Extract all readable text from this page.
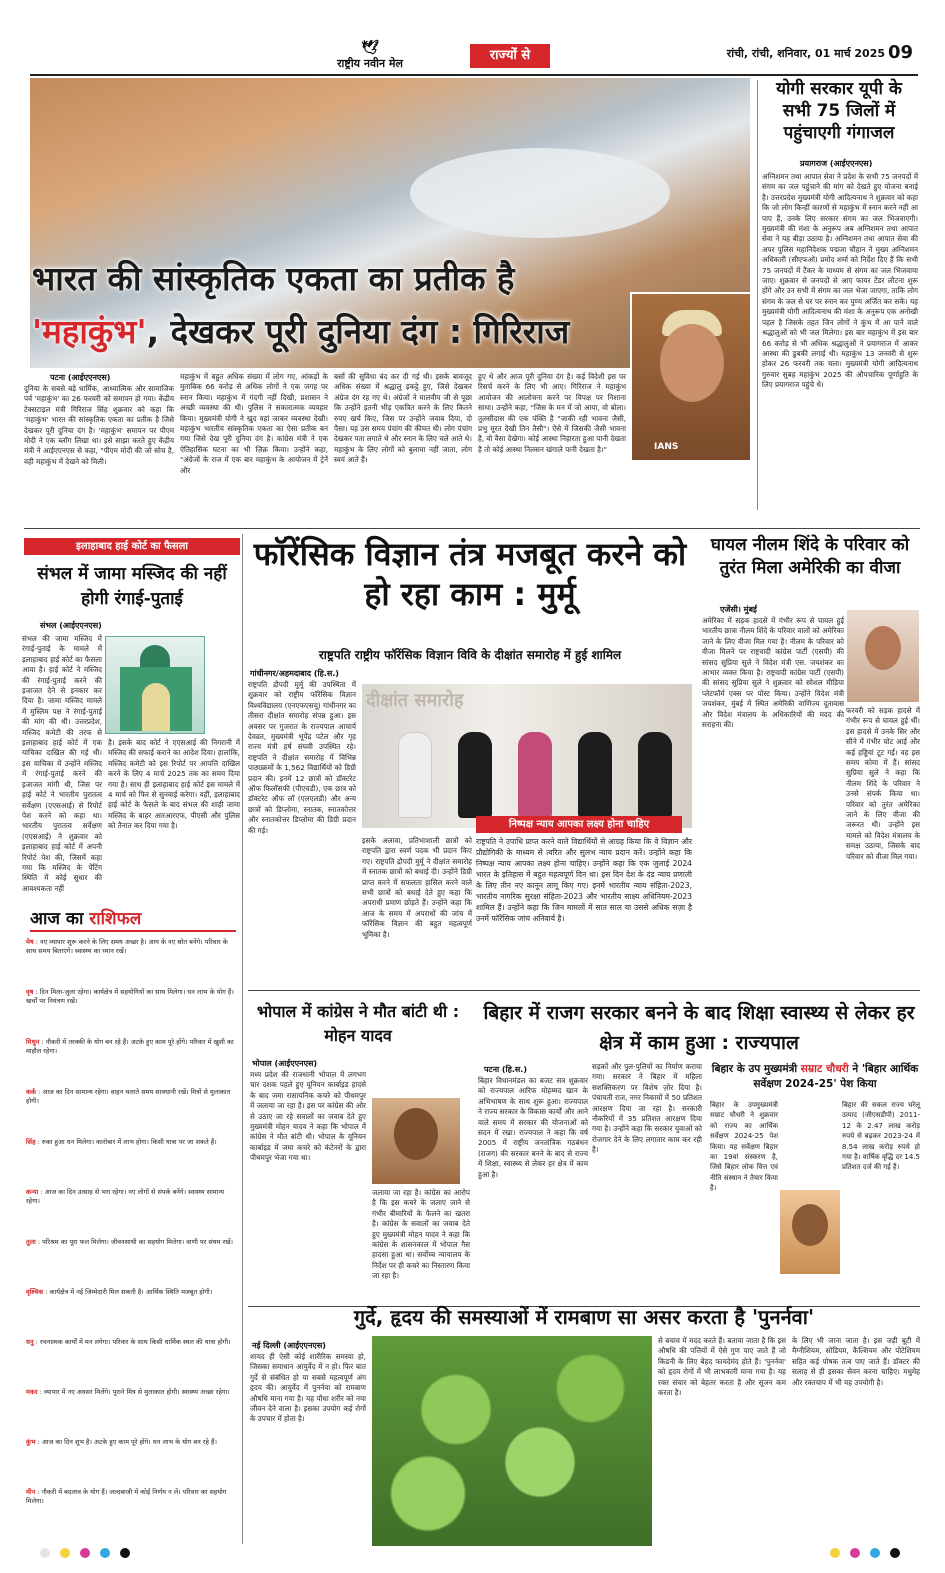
🕊
राष्ट्रीय नवीन मेल
राज्यों से	रांची, रांची, शनिवार, 01 मार्च 2025 09
भारत की सांस्कृतिक एकता का प्रतीक है
'महाकुंभ', देखकर पूरी दुनिया दंग : गिरिराज
IANS
योगी सरकार यूपी के सभी 75 जिलों में पहुंचाएगी गंगाजल
प्रयागराज (आईएएनएस)
अग्निशमन तथा आपात सेवा ने प्रदेश के सभी 75 जनपदों में संगम का जल पहुंचाने की मांग को देखते हुए योजना बनाई है। उत्तरप्रदेश मुख्यमंत्री योगी आदित्यनाथ ने शुक्रवार को कहा कि जो लोग किन्हीं कारणों से महाकुंभ में स्नान करने नहीं आ पाए हैं, उनके लिए सरकार संगम का जल भिजवाएगी। मुख्यमंत्री की मंशा के अनुरूप अब अग्निशमन तथा आपात सेवा ने यह बीड़ा उठाया है। अग्निशमन तथा आपात सेवा की अपर पुलिस महानिदेशक पद्मजा चौहान ने मुख्य अग्निशमन अधिकारी (सीएफओ) प्रमोद शर्मा को निर्देश दिए हैं कि सभी 75 जनपदों में टैंकर के माध्यम से संगम का जल भिजवाया जाए। शुक्रवार से जनपदों से आए फायर टेंडर लौटना शुरू होंगे और उन सभी में संगम का जल भेजा जाएगा, ताकि लोग संगम के जल से घर पर स्नान कर पुण्य अर्जित कर सकें। यह मुख्यमंत्री योगी आदित्यनाथ की मंशा के अनुरूप एक अनोखी पहल है जिसके तहत जिन लोगों ने कुंभ में आ पाने वाले श्रद्धालुओं को भी जल मिलेगा। इस बार महाकुंभ में इस बार 66 करोड़ से भी अधिक श्रद्धालुओं ने प्रयागराज में आकर आस्था की डुबकी लगाई थी। महाकुंभ 13 जनवरी से शुरू होकर 26 फरवरी तक चला। मुख्यमंत्री योगी आदित्यनाथ गुरुवार सुबह महाकुंभ 2025 की औपचारिक पूर्णाहुति के लिए प्रयागराज पहुंचे थे।
पटना (आईएएनएस)
दुनिया के सबसे बड़े धार्मिक, आध्यात्मिक और सामाजिक पर्व 'महाकुंभ' का 26 फरवरी को समापन हो गया। केंद्रीय टेक्सटाइल मंत्री गिरिराज सिंह शुक्रवार को कहा कि 'महाकुंभ' भारत की सांस्कृतिक एकता का प्रतीक है जिसे देखकर पूरी दुनिया दंग है। 'महाकुंभ' समापन पर पीएम मोदी ने एक ब्लॉग लिखा था। इसे साझा करते हुए केंद्रीय मंत्री ने आईएएनएस से कहा, "पीएम मोदी की जो सोच है, वही महाकुंभ में देखने को मिली।
महाकुंभ में बहुत अधिक संख्या में लोग गए, आंकड़ों के मुताबिक 66 करोड़ से अधिक लोगों ने एक जगह पर स्नान किया। महाकुंभ में गंदगी नहीं दिखी, प्रशासन ने अच्छी व्यवस्था की थी। पुलिस ने सकारात्मक व्यवहार किया। मुख्यमंत्री योगी ने खुद वहां जाकर व्यवस्था देखी। महाकुंभ भारतीय सांस्कृतिक एकता का ऐसा प्रतीक बन गया जिसे देख पूरी दुनिया दंग है। कांग्रेस मंत्री ने एक ऐतिहासिक घटना का भी ज़िक्र किया। उन्होंने कहा, "अंग्रेजों के राज में एक बार महाकुंभ के आयोजन में ट्रेनें और
बसों की सुविधा बंद कर दी गई थी। इसके बावजूद अधिक संख्या में श्रद्धालु इकट्ठे हुए, जिसे देखकर अंग्रेज दंग रह गए थे। अंग्रेजों ने मालवीय जी से पूछा कि उन्होंने इतनी भीड़ एकत्रित करने के लिए कितने रुपए खर्च किए, जिस पर उन्होंने जवाब दिया, दो पैसा। यह उस समय पंचांग की कीमत थी। लोग पंचांग देखकर पता लगाते थे और स्नान के लिए चले आते थे। महाकुंभ के लिए लोगों को बुलाया नहीं जाता, लोग स्वयं आते हैं।
हुए थे और आज पूरी दुनिया दंग है। कई विदेशी इस पर रिसर्च करने के लिए भी आए। गिरिराज ने महाकुंभ आयोजन की आलोचना करने पर विपक्ष पर निशाना साधा। उन्होंने कहा, "जिस के मन में जो आया, वो बोला। तुलसीदास की एक पंक्ति है "जाकी रही भावना जैसी, प्रभु मूरत देखी तिन तैसी"। ऐसे में जिसकी जैसी भावना है, वो वैसा देखेगा। कोई आस्था निहारता हुआ पानी देखता है तो कोई आस्था निलसन खंगाले पानी देखता है।"
इलाहाबाद हाई कोर्ट का फैसला
संभल में जामा मस्जिद की नहीं होगी रंगाई-पुताई
संभल (आईएएनएस)
संभल की जामा मस्जिद में रंगाई-पुताई के मामले में इलाहाबाद हाई कोर्ट का फैसला आया है। हाई कोर्ट ने मस्जिद की रंगाई-पुताई करने की इजाजत देने से इनकार कर दिया है। जामा मस्जिद मामले में मुस्लिम पक्ष ने रंगाई-पुताई की मांग की थी। उत्तरप्रदेश, मस्जिद कमेटी की तरफ से इलाहाबाद हाई कोर्ट में एक याचिका दाखिल की गई थी। इस याचिका में उन्होंने मस्जिद में रंगाई-पुताई करने की इजाजत मांगी थी, जिस पर हाई कोर्ट ने भारतीय पुरातत्व सर्वेक्षण (एएसआई) से रिपोर्ट पेश करने को कहा था। भारतीय पुरातत्व सर्वेक्षण (एएसआई) ने शुक्रवार को इलाहाबाद हाई कोर्ट में अपनी रिपोर्ट पेश की, जिसमें कहा गया कि मस्जिद के पेंटिंग स्थिति में कोई सुधार की आवश्यकता नहीं
है। इसके बाद कोर्ट ने एएसआई की निगरानी में मस्जिद की सफाई कराने का आदेश दिया। हालांकि, मस्जिद कमेटी को इस रिपोर्ट पर आपत्ति दाखिल करने के लिए 4 मार्च 2025 तक का समय दिया गया है। साथ ही इलाहाबाद हाई कोर्ट इस मामले में 4 मार्च को फिर से सुनवाई करेगा। वहीं, इलाहाबाद हाई कोर्ट के फैसले के बाद संभल की शाही जामा मस्जिद के बाहर आरआरएफ, पीएसी और पुलिस को तैनात कर दिया गया है।
फॉरेंसिक विज्ञान तंत्र मजबूत करने को हो रहा काम : मुर्मू
राष्ट्रपति राष्ट्रीय फॉरेंसिक विज्ञान विवि के दीक्षांत समारोह में हुई शामिल
गांधीनगर/अहमदाबाद (हि.स.)
राष्ट्रपति द्रौपदी मुर्मू की उपस्थिता में शुक्रवार को राष्ट्रीय फॉरेंसिक विज्ञान विश्वविद्यालय (एनएफएसयू) गांधीनगर का तीसरा दीक्षांत समारोह संपन्न हुआ। इस अवसर पर गुजरात के राज्यपाल आचार्य देवव्रत, मुख्यमंत्री भूपेंद्र पटेल और गृह राज्य मंत्री हर्ष संघवी उपस्थित रहे। राष्ट्रपति ने दीक्षांत समारोह में विभिन्न पाठ्यक्रमों के 1,562 विद्यार्थियों को डिग्री प्रदान की। इनमें 12 छात्रों को डॉक्टरेट ऑफ फिलॉसफी (पीएचडी), एक छात्र को डॉक्टरेट ऑफ लॉ (एलएलडी) और अन्य छात्रों को डिप्लोमा, स्नातक, स्नातकोत्तर और स्नातकोत्तर डिप्लोमा की डिग्री प्रदान की गई।
दीक्षांत समारोह
निष्पक्ष न्याय आपका लक्ष्य होना चाहिए
इसके अलावा, प्रतिभाशाली छात्रों को राष्ट्रपति द्वारा स्वर्ण पदक भी प्रदान किए गए। राष्ट्रपति द्रौपदी मुर्मू ने दीक्षांत समारोह में स्नातक छात्रों को बधाई दी। उन्होंने डिग्री प्राप्त करने में सफलता हासिल करने वाले सभी छात्रों को बधाई देते हुए कहा कि अपराधी प्रमाण छोड़ते हैं। उन्होंने कहा कि आज के समय में अपराधों की जांच में फॉरेंसिक विज्ञान की बहुत महत्वपूर्ण भूमिका है।
राष्ट्रपति ने उपाधि प्राप्त करने वाले विद्यार्थियों से आग्रह किया कि वे विज्ञान और प्रौद्योगिकी के माध्यम से त्वरित और सुलभ न्याय प्रदान करें। उन्होंने कहा कि निष्पक्ष न्याय आपका लक्ष्य होना चाहिए। उन्होंने कहा कि एक जुलाई 2024 भारत के इतिहास में बहुत महत्वपूर्ण दिन था। इस दिन देश के दंड न्याय प्रणाली के लिए तीन नए कानून लागू किए गए। इनमें भारतीय न्याय संहिता-2023, भारतीय नागरिक सुरक्षा संहिता-2023 और भारतीय साक्ष्य अधिनियम-2023 शामिल हैं। उन्होंने कहा कि जिन मामलों में सात साल या उससे अधिक सज़ा है उनमें फॉरेंसिक जांच अनिवार्य है।
घायल नीलम शिंदे के परिवार को तुरंत मिला अमेरिकी का वीजा
एजेंसी। मुंबई
अमेरिका में सड़क हादसे में गंभीर रूप से घायल हुई भारतीय छात्रा नीलम शिंदे के परिवार वालों को अमेरिका जाने के लिए वीजा मिल गया है। नीलम के परिवार को वीजा मिलने पर राष्ट्रवादी कांग्रेस पार्टी (एसपी) की सांसद सुप्रिया सुले ने विदेश मंत्री एस. जयशंकर का आभार व्यक्त किया है। राष्ट्रवादी कांग्रेस पार्टी (एसपी) की सांसद सुप्रिया सुले ने शुक्रवार को सोशल मीडिया प्लेटफॉर्म एक्स पर पोस्ट किया। उन्होंने विदेश मंत्री जयशंकर, मुंबई में स्थित अमेरिकी वाणिज्य दूतावास और विदेश मंत्रालय के अधिकारियों की मदद की सराहना की।
फरवरी को सड़क हादसे में गंभीर रूप से घायल हुई थीं। इस हादसे में उनके सिर और सीने में गंभीर चोट आई और कई हड्डियां टूट गईं। वह इस समय कोमा में हैं। सांसद सुप्रिया सुले ने कहा कि नीलम शिंदे के परिवार ने उनसे संपर्क किया था। परिवार को तुरंत अमेरिका जाने के लिए वीजा की जरूरत थी। उन्होंने इस मामले को विदेश मंत्रालय के समक्ष उठाया, जिसके बाद परिवार को वीजा मिल गया।
आज का राशिफल
मेष : नए व्यापार शुरू करने के लिए समय अच्छा है। आय के नए स्रोत बनेंगे। परिवार के साथ समय बिताएंगे। स्वास्थ्य का ध्यान रखें।
वृष : दिन मिला-जुला रहेगा। कार्यक्षेत्र में सहयोगियों का साथ मिलेगा। धन लाभ के योग हैं। खर्चों पर नियंत्रण रखें।
मिथुन : नौकरी में तरक्की के योग बन रहे हैं। अटके हुए काम पूरे होंगे। परिवार में खुशी का माहौल रहेगा।
कर्क : आज का दिन सामान्य रहेगा। वाहन चलाते समय सावधानी रखें। मित्रों से मुलाकात होगी।
सिंह : रुका हुआ धन मिलेगा। कारोबार में लाभ होगा। किसी यात्रा पर जा सकते हैं।
कन्या : आज का दिन उत्साह से भरा रहेगा। नए लोगों से संपर्क बनेंगे। स्वास्थ्य सामान्य रहेगा।
तुला : परिश्रम का पूरा फल मिलेगा। जीवनसाथी का सहयोग मिलेगा। वाणी पर संयम रखें।
वृश्चिक : कार्यक्षेत्र में नई जिम्मेदारी मिल सकती है। आर्थिक स्थिति मजबूत होगी।
धनु : रचनात्मक कार्यों में मन लगेगा। परिवार के साथ किसी धार्मिक स्थल की यात्रा होगी।
मकर : व्यापार में नए अवसर मिलेंगे। पुराने मित्र से मुलाकात होगी। स्वास्थ्य अच्छा रहेगा।
कुंभ : आज का दिन शुभ है। अटके हुए काम पूरे होंगे। धन लाभ के योग बन रहे हैं।
मीन : नौकरी में बदलाव के योग हैं। जल्दबाजी में कोई निर्णय न लें। परिवार का सहयोग मिलेगा।
भोपाल में कांग्रेस ने मौत बांटी थी : मोहन यादव
भोपाल (आईएएनएस)
मध्य प्रदेश की राजधानी भोपाल में लगभग चार दशक पहले हुए यूनियन कार्बाइड हादसे के बाद जमा रासायनिक कचरे को पीथमपुर में जलाया जा रहा है। इस पर कांग्रेस की ओर से उठाए जा रहे सवालों का जवाब देते हुए मुख्यमंत्री मोहन यादव ने कहा कि भोपाल में कांग्रेस ने मौत बांटी थी। भोपाल के यूनियन कार्बाइड में जमा कचरे को कंटेनरों के द्वारा पीथमपुर भेजा गया था।
जलाया जा रहा है। कांग्रेस का आरोप है कि इस कचरे के जलाए जाने से गंभीर बीमारियों के फैलने का खतरा है। कांग्रेस के सवालों का जवाब देते हुए मुख्यमंत्री मोहन यादव ने कहा कि कांग्रेस के शासनकाल में भोपाल गैस हादसा हुआ था। सर्वोच्च न्यायालय के निर्देश पर ही कचरे का निस्तारण किया जा रहा है।
बिहार में राजग सरकार बनने के बाद शिक्षा स्वास्थ्य से लेकर हर क्षेत्र में काम हुआ : राज्यपाल
पटना (हि.स.)
बिहार विधानमंडल का बजट सत्र शुक्रवार को राज्यपाल आरिफ मोहम्मद खान के अभिभाषण के साथ शुरू हुआ। राज्यपाल ने राज्य सरकार के विकास कार्यों और आने वाले समय में सरकार की योजनाओं को सदन में रखा। राज्यपाल ने कहा कि वर्ष 2005 में राष्ट्रीय जनतांत्रिक गठबंधन (राजग) की सरकार बनने के बाद से राज्य में शिक्षा, स्वास्थ्य से लेकर हर क्षेत्र में काम हुआ है।
सड़कों और पुल-पुलियों का निर्माण कराया गया। सरकार ने बिहार में महिला सशक्तिकरण पर विशेष ज़ोर दिया है। पंचायती राज, नगर निकायों में 50 प्रतिशत आरक्षण दिया जा रहा है। सरकारी नौकरियों में 35 प्रतिशत आरक्षण दिया गया है। उन्होंने कहा कि सरकार युवाओं को रोजगार देने के लिए लगातार काम कर रही है।
बिहार के उप मुख्यमंत्री सम्राट चौधरी ने 'बिहार आर्थिक सर्वेक्षण 2024-25' पेश किया
बिहार के उपमुख्यमंत्री सम्राट चौधरी ने शुक्रवार को राज्य का आर्थिक सर्वेक्षण 2024-25 पेश किया। यह सर्वेक्षण बिहार का 19वां संस्करण है, जिसे बिहार लोक वित्त एवं नीति संस्थान ने तैयार किया है।
बिहार की सकल राज्य घरेलू उत्पाद (जीएसडीपी) 2011-12 के 2.47 लाख करोड़ रुपये से बढ़कर 2023-24 में 8.54 लाख करोड़ रुपये हो गया है। वार्षिक वृद्धि दर 14.5 प्रतिशत दर्ज की गई है।
गुर्दे, हृदय की समस्याओं में रामबाण सा असर करता है 'पुनर्नवा'
नई दिल्ली (आईएएनएस)
शायद ही ऐसी कोई शारीरिक समस्या हो, जिसका समाधान आयुर्वेद में न हो। फिर बात गुर्दे से संबंधित हो या सबसे महत्वपूर्ण अंग हृदय की। आयुर्वेद में पुनर्नवा को रामबाण औषधि माना गया है। यह पौधा शरीर को नया जीवन देने वाला है। इसका उपयोग कई रोगों के उपचार में होता है।
से बचाव में मदद करते हैं। बताया जाता है कि इस औषधि की पत्तियों में ऐसे गुण पाए जाते हैं जो किडनी के लिए बेहद फायदेमंद होते हैं। 'पुनर्नवा' को हृदय रोगों में भी लाभकारी माना गया है। यह रक्त संचार को बेहतर करता है और सूजन कम करता है।
के लिए भी जाना जाता है। इस जड़ी बूटी में मैग्नीशियम, सोडियम, कैल्शियम और पोटेशियम सहित कई पोषक तत्व पाए जाते हैं। डॉक्टर की सलाह से ही इसका सेवन करना चाहिए। मधुमेह और रक्तचाप में भी यह उपयोगी है।
